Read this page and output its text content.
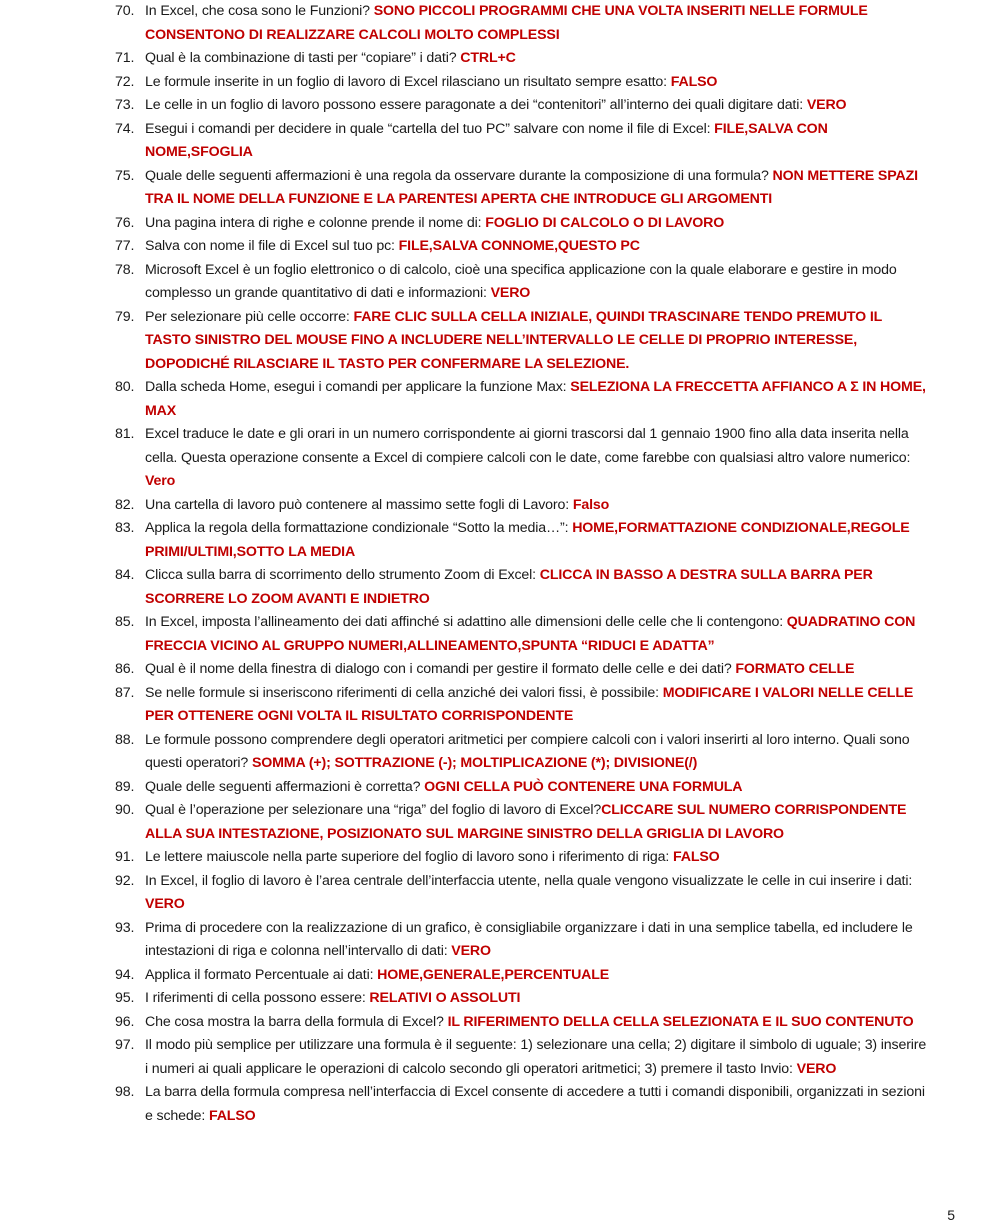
70. In Excel, che cosa sono le Funzioni? SONO PICCOLI PROGRAMMI CHE UNA VOLTA INSERITI NELLE FORMULE CONSENTONO DI REALIZZARE CALCOLI MOLTO COMPLESSI
71. Qual è la combinazione di tasti per “copiare” i dati? CTRL+C
72. Le formule inserite in un foglio di lavoro di Excel rilasciano un risultato sempre esatto: FALSO
73. Le celle in un foglio di lavoro possono essere paragonate a dei “contenitori” all’interno dei quali digitare dati: VERO
74. Esegui i comandi per decidere in quale “cartella del tuo PC” salvare con nome il file di Excel: FILE,SALVA CON NOME,SFOGLIA
75. Quale delle seguenti affermazioni è una regola da osservare durante la composizione di una formula? NON METTERE SPAZI TRA IL NOME DELLA FUNZIONE E LA PARENTESI APERTA CHE INTRODUCE GLI ARGOMENTI
76. Una pagina intera di righe e colonne prende il nome di: FOGLIO DI CALCOLO O DI LAVORO
77. Salva con nome il file di Excel sul tuo pc: FILE,SALVA CONNOME,QUESTO PC
78. Microsoft Excel è un foglio elettronico o di calcolo, cioè una specifica applicazione con la quale elaborare e gestire in modo complesso un grande quantitativo di dati e informazioni: VERO
79. Per selezionare più celle occorre: FARE CLIC SULLA CELLA INIZIALE, QUINDI TRASCINARE TENDO PREMUTO IL TASTO SINISTRO DEL MOUSE FINO A INCLUDERE NELL’INTERVALLO LE CELLE DI PROPRIO INTERESSE, DOPODICHÉ RILASCIARE IL TASTO PER CONFERMARE LA SELEZIONE.
80. Dalla scheda Home, esegui i comandi per applicare la funzione Max: SELEZIONA LA FRECCETTA AFFIANCO A Σ IN HOME, MAX
81. Excel traduce le date e gli orari in un numero corrispondente ai giorni trascorsi dal 1 gennaio 1900 fino alla data inserita nella cella. Questa operazione consente a Excel di compiere calcoli con le date, come farebbe con qualsiasi altro valore numerico: Vero
82. Una cartella di lavoro può contenere al massimo sette fogli di Lavoro: Falso
83. Applica la regola della formattazione condizionale “Sotto la media…”: HOME,FORMATTAZIONE CONDIZIONALE,REGOLE PRIMI/ULTIMI,SOTTO LA MEDIA
84. Clicca sulla barra di scorrimento dello strumento Zoom di Excel: CLICCA IN BASSO A DESTRA SULLA BARRA PER SCORRERE LO ZOOM AVANTI E INDIETRO
85. In Excel, imposta l’allineamento dei dati affinché si adattino alle dimensioni delle celle che li contengono: QUADRATINO CON FRECCIA VICINO AL GRUPPO NUMERI,ALLINEAMENTO,SPUNTA “RIDUCI E ADATTA”
86. Qual è il nome della finestra di dialogo con i comandi per gestire il formato delle celle e dei dati? FORMATO CELLE
87. Se nelle formule si inseriscono riferimenti di cella anziché dei valori fissi, è possibile: MODIFICARE I VALORI NELLE CELLE PER OTTENERE OGNI VOLTA IL RISULTATO CORRISPONDENTE
88. Le formule possono comprendere degli operatori aritmetici per compiere calcoli con i valori inserirti al loro interno. Quali sono questi operatori? SOMMA (+); SOTTRAZIONE (-); MOLTIPLICAZIONE (*); DIVISIONE(/)
89. Quale delle seguenti affermazioni è corretta? OGNI CELLA PUÒ CONTENERE UNA FORMULA
90. Qual è l’operazione per selezionare una “riga” del foglio di lavoro di Excel?CLICCARE SUL NUMERO CORRISPONDENTE ALLA SUA INTESTAZIONE, POSIZIONATO SUL MARGINE SINISTRO DELLA GRIGLIA DI LAVORO
91. Le lettere maiuscole nella parte superiore del foglio di lavoro sono i riferimento di riga: FALSO
92. In Excel, il foglio di lavoro è l’area centrale dell’interfaccia utente, nella quale vengono visualizzate le celle in cui inserire i dati: VERO
93. Prima di procedere con la realizzazione di un grafico, è consigliabile organizzare i dati in una semplice tabella, ed includere le intestazioni di riga e colonna nell’intervallo di dati: VERO
94. Applica il formato Percentuale ai dati: HOME,GENERALE,PERCENTUALE
95. I riferimenti di cella possono essere: RELATIVI O ASSOLUTI
96. Che cosa mostra la barra della formula di Excel? IL RIFERIMENTO DELLA CELLA SELEZIONATA E IL SUO CONTENUTO
97. Il modo più semplice per utilizzare una formula è il seguente: 1) selezionare una cella; 2) digitare il simbolo di uguale; 3) inserire i numeri ai quali applicare le operazioni di calcolo secondo gli operatori aritmetici; 3) premere il tasto Invio: VERO
98. La barra della formula compresa nell’interfaccia di Excel consente di accedere a tutti i comandi disponibili, organizzati in sezioni e schede: FALSO
5
